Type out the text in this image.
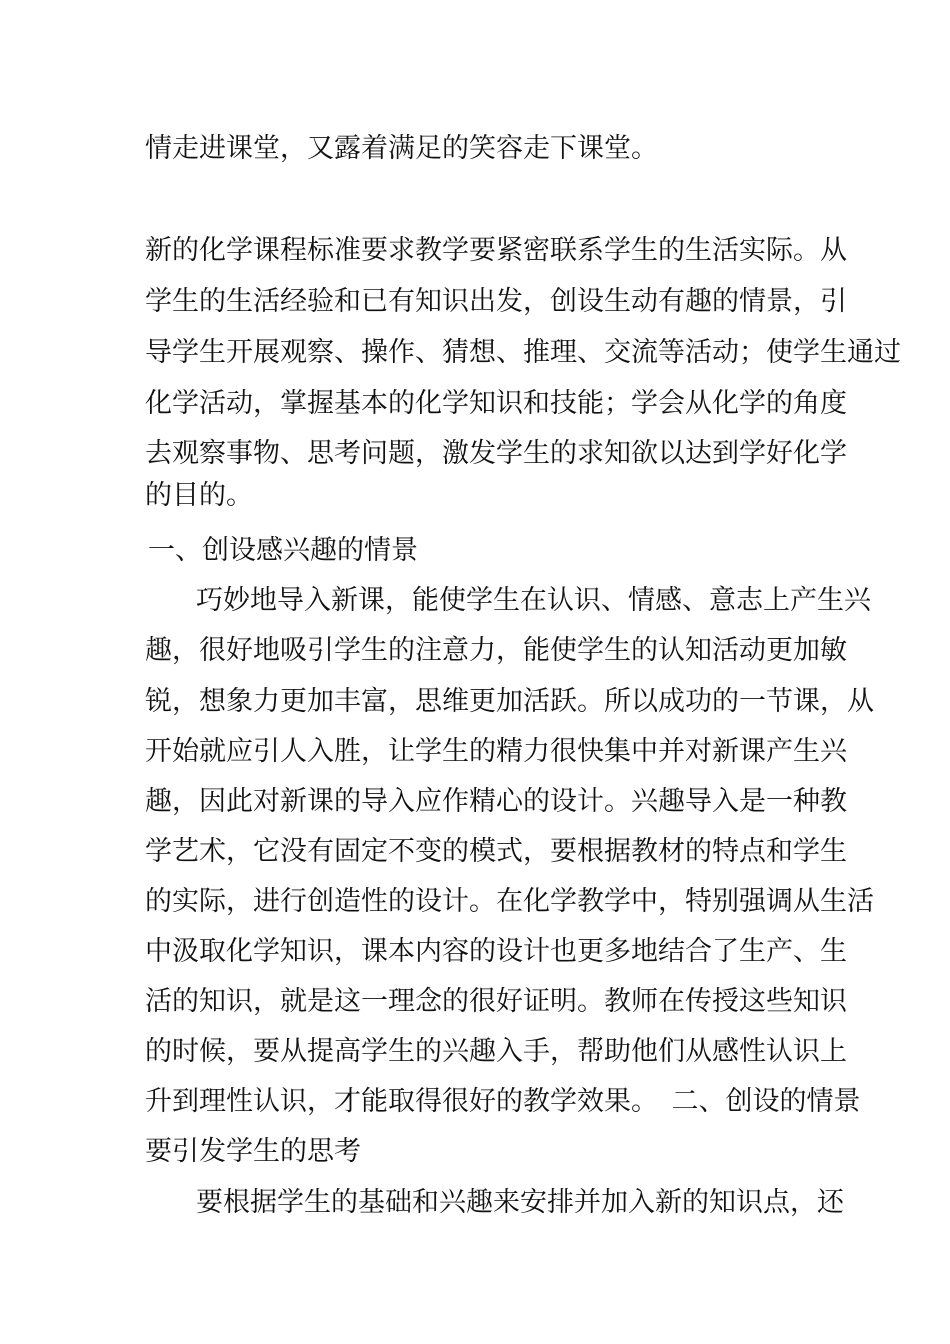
情走进课堂，又露着满足的笑容走下课堂。
新的化学课程标准要求教学要紧密联系学生的生活实际。从
学生的生活经验和已有知识出发，创设生动有趣的情景，引
导学生开展观察、操作、猜想、推理、交流等活动；使学生通过
化学活动，掌握基本的化学知识和技能；学会从化学的角度
去观察事物、思考问题，激发学生的求知欲以达到学好化学
的目的。
一、创设感兴趣的情景
巧妙地导入新课，能使学生在认识、情感、意志上产生兴
趣，很好地吸引学生的注意力，能使学生的认知活动更加敏
锐，想象力更加丰富，思维更加活跃。所以成功的一节课，从
开始就应引人入胜，让学生的精力很快集中并对新课产生兴
趣，因此对新课的导入应作精心的设计。兴趣导入是一种教
学艺术，它没有固定不变的模式，要根据教材的特点和学生
的实际，进行创造性的设计。在化学教学中，特别强调从生活
中汲取化学知识，课本内容的设计也更多地结合了生产、生
活的知识，就是这一理念的很好证明。教师在传授这些知识
的时候，要从提高学生的兴趣入手，帮助他们从感性认识上
升到理性认识，才能取得很好的教学效果。　二、创设的情景
要引发学生的思考
要根据学生的基础和兴趣来安排并加入新的知识点，还
